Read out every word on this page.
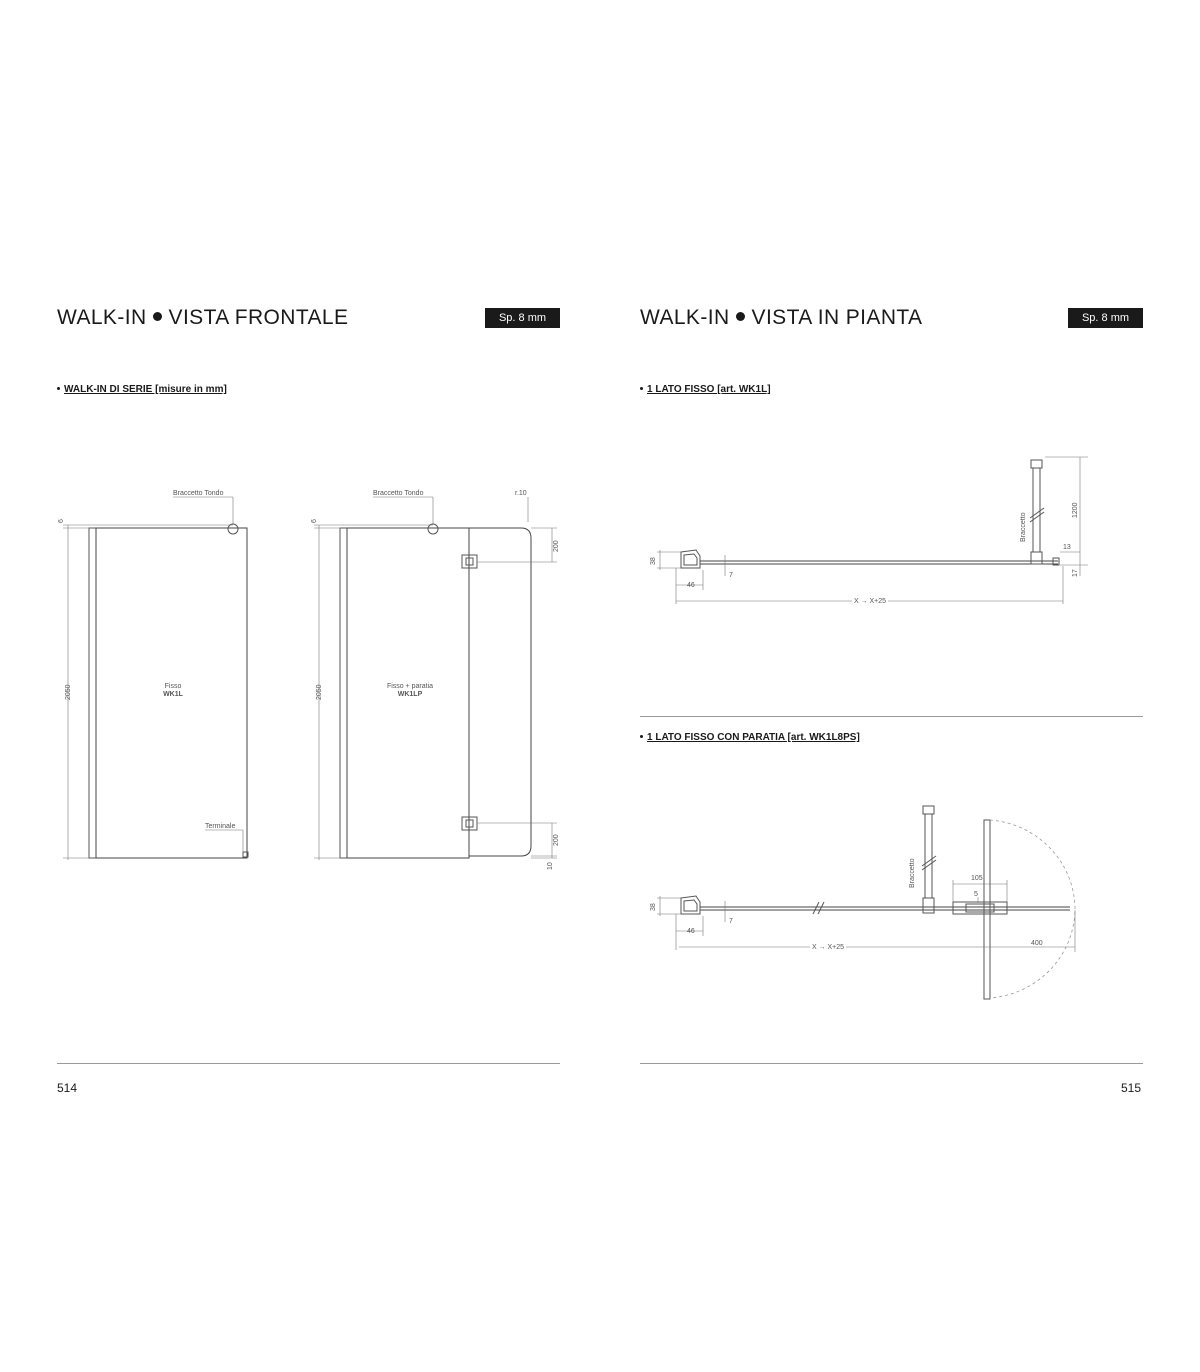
WALK-IN VISTA FRONTALE	Sp. 8 mm
WALK-IN DI SERIE [misure in mm]
WALK-IN VISTA IN PIANTA	Sp. 8 mm
1 LATO FISSO [art. WK1L]
1 LATO FISSO CON PARATIA [art. WK1L8PS]
514	515
Braccetto Tondo
Terminale
6
2050	Fisso
WK1L
Braccetto Tondo	r.10
6
2050
200
200
10
Fisso + paratia
WK1LP
Braccetto
1200
13
17
38
46
7
X → X+25
Braccetto	105
5
38
46
7
X → X+25
400
